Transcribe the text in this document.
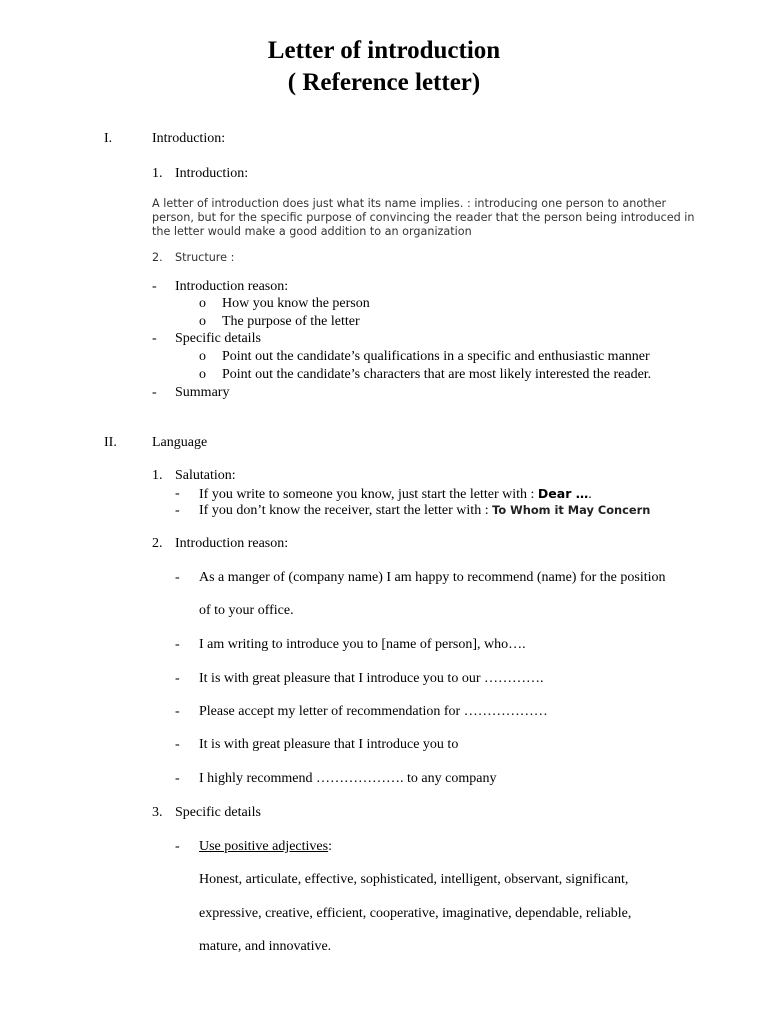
Letter of introduction
( Reference letter)
I.	Introduction:
1. Introduction:
A letter of introduction does just what its name implies. : introducing one person to another
person, but for the specific purpose of convincing the reader that the person being introduced in
the letter would make a good addition to an organization
2. Structure :
- Introduction reason:
o How you know the person
o The purpose of the letter
- Specific details
o Point out the candidate’s qualifications in a specific and enthusiastic manner
o Point out the candidate’s characters that are most likely interested the reader.
- Summary
II.	Language
1. Salutation:
- If you write to someone you know, just start the letter with : Dear ….
- If you don’t know the receiver, start the letter with : To Whom it May Concern
2. Introduction reason:
- As a manger of (company name) I am happy to recommend (name) for the position
of to your office.
- I am writing to introduce you to [name of person], who….
- It is with great pleasure that I introduce you to our ………….
- Please accept my letter of recommendation for ………………
- It is with great pleasure that I introduce you to
- I highly recommend ………………. to any company
3. Specific details
- Use positive adjectives:
Honest, articulate, effective, sophisticated, intelligent, observant, significant,
expressive, creative, efficient, cooperative, imaginative, dependable, reliable,
mature, and innovative.
